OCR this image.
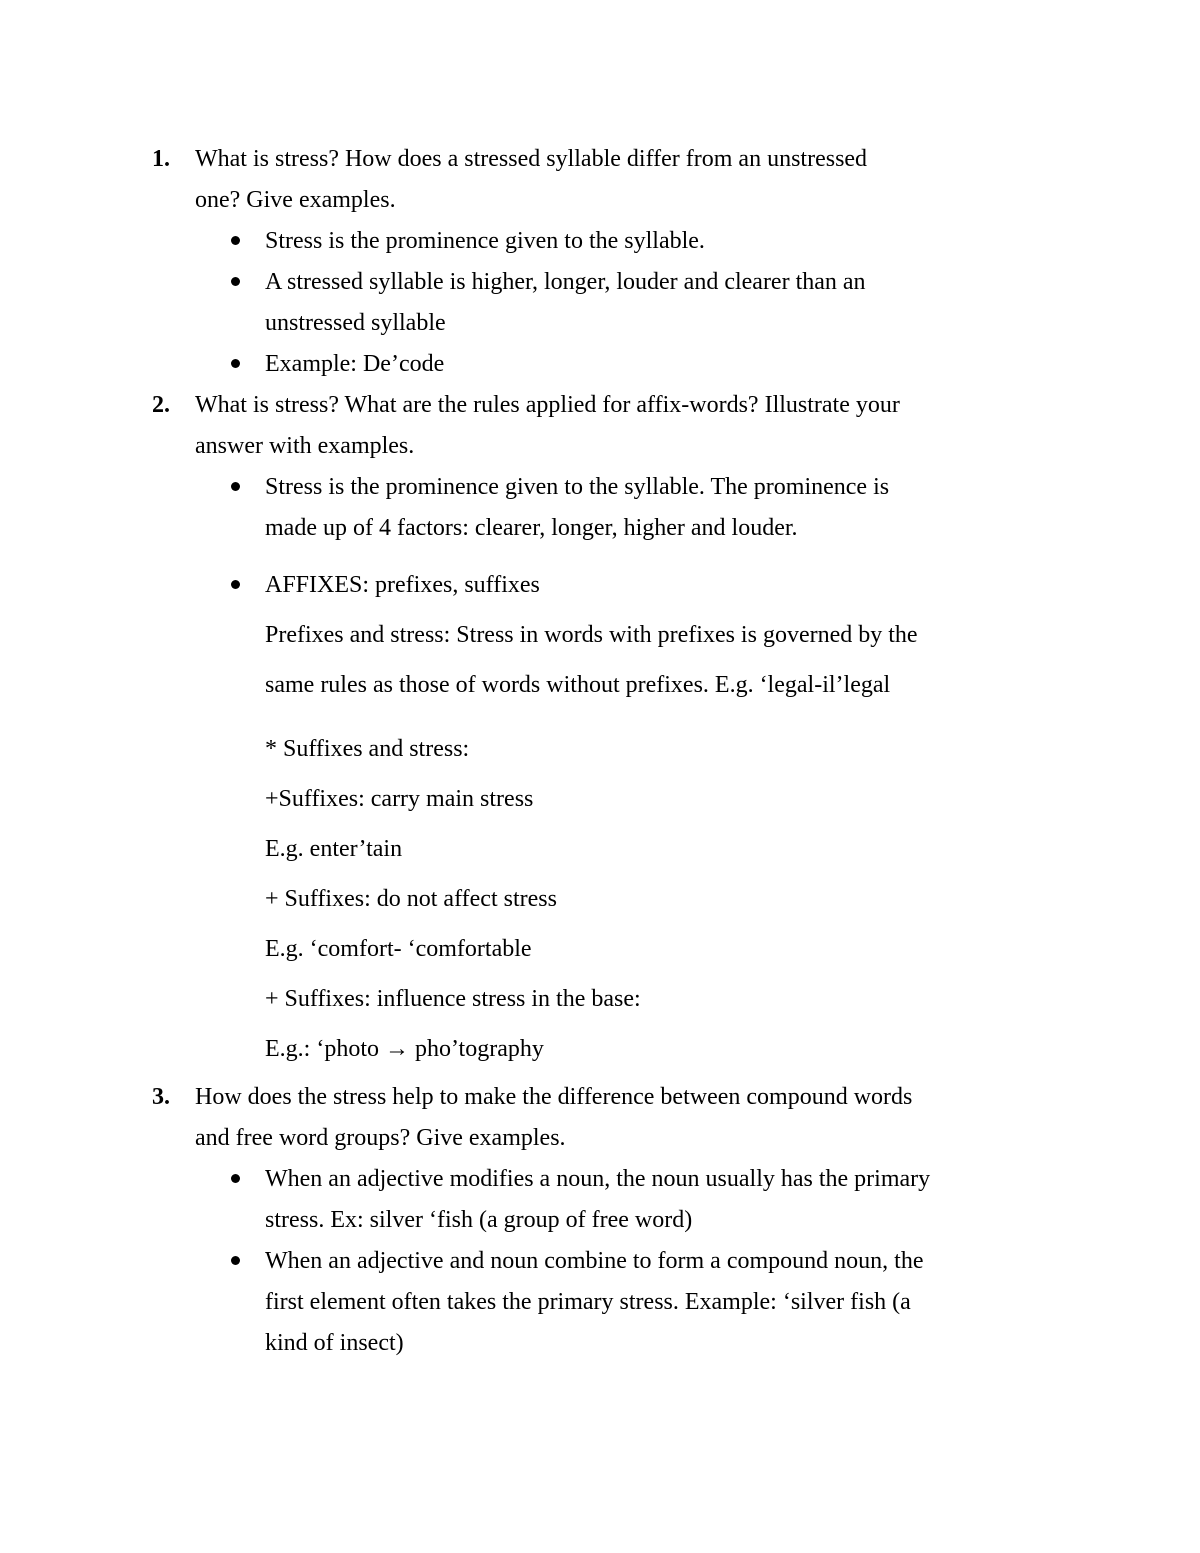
1. What is stress? How does a stressed syllable differ from an unstressed
one? Give examples.
Stress is the prominence given to the syllable.
A stressed syllable is higher, longer, louder and clearer than an
unstressed syllable
Example: De’code
2. What is stress? What are the rules applied for affix-words? Illustrate your
answer with examples.
Stress is the prominence given to the syllable. The prominence is
made up of 4 factors: clearer, longer, higher and louder.
AFFIXES: prefixes, suffixes
Prefixes and stress: Stress in words with prefixes is governed by the
same rules as those of words without prefixes. E.g. ‘legal-il’legal
* Suffixes and stress:
+Suffixes: carry main stress
E.g. enter’tain
+ Suffixes: do not affect stress
E.g. ‘comfort- ‘comfortable
+ Suffixes: influence stress in the base:
E.g.: ‘photo → pho’tography
3. How does the stress help to make the difference between compound words
and free word groups? Give examples.
When an adjective modifies a noun, the noun usually has the primary
stress. Ex: silver ‘fish (a group of free word)
When an adjective and noun combine to form a compound noun, the
first element often takes the primary stress. Example: ‘silver fish (a
kind of insect)
